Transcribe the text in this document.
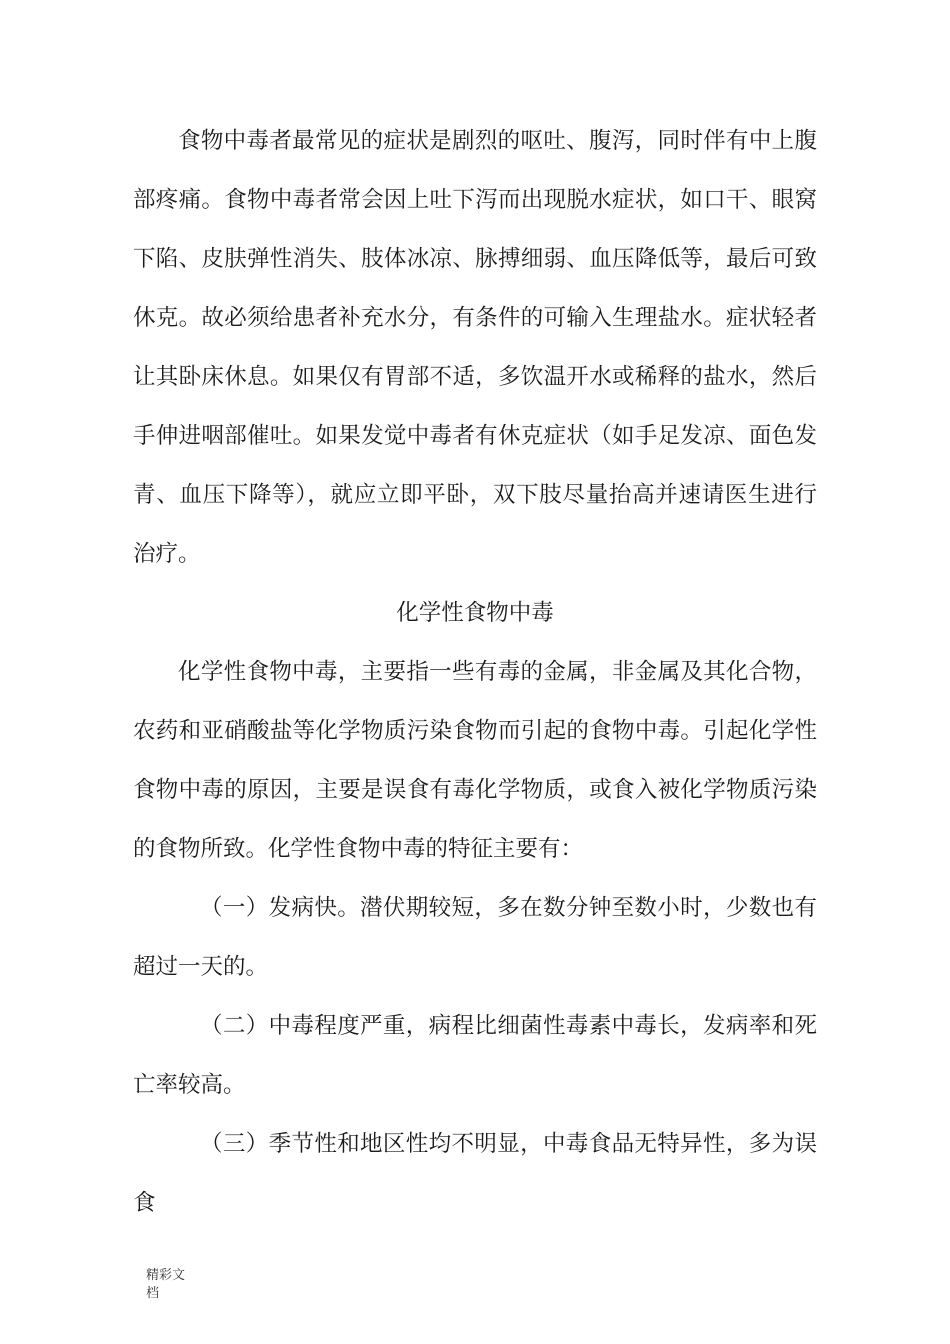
食物中毒者最常见的症状是剧烈的呕吐、腹泻，同时伴有中上腹部疼痛。食物中毒者常会因上吐下泻而出现脱水症状，如口干、眼窝下陷、皮肤弹性消失、肢体冰凉、脉搏细弱、血压降低等，最后可致休克。故必须给患者补充水分，有条件的可输入生理盐水。症状轻者让其卧床休息。如果仅有胃部不适，多饮温开水或稀释的盐水，然后手伸进咽部催吐。如果发觉中毒者有休克症状（如手足发凉、面色发青、血压下降等），就应立即平卧，双下肢尽量抬高并速请医生进行治疗。

化学性食物中毒

化学性食物中毒，主要指一些有毒的金属，非金属及其化合物，农药和亚硝酸盐等化学物质污染食物而引起的食物中毒。引起化学性食物中毒的原因，主要是误食有毒化学物质，或食入被化学物质污染的食物所致。化学性食物中毒的特征主要有：

（一）发病快。潜伏期较短，多在数分钟至数小时，少数也有超过一天的。

（二）中毒程度严重，病程比细菌性毒素中毒长，发病率和死亡率较高。

（三）季节性和地区性均不明显，中毒食品无特异性，多为误食

精彩文档
